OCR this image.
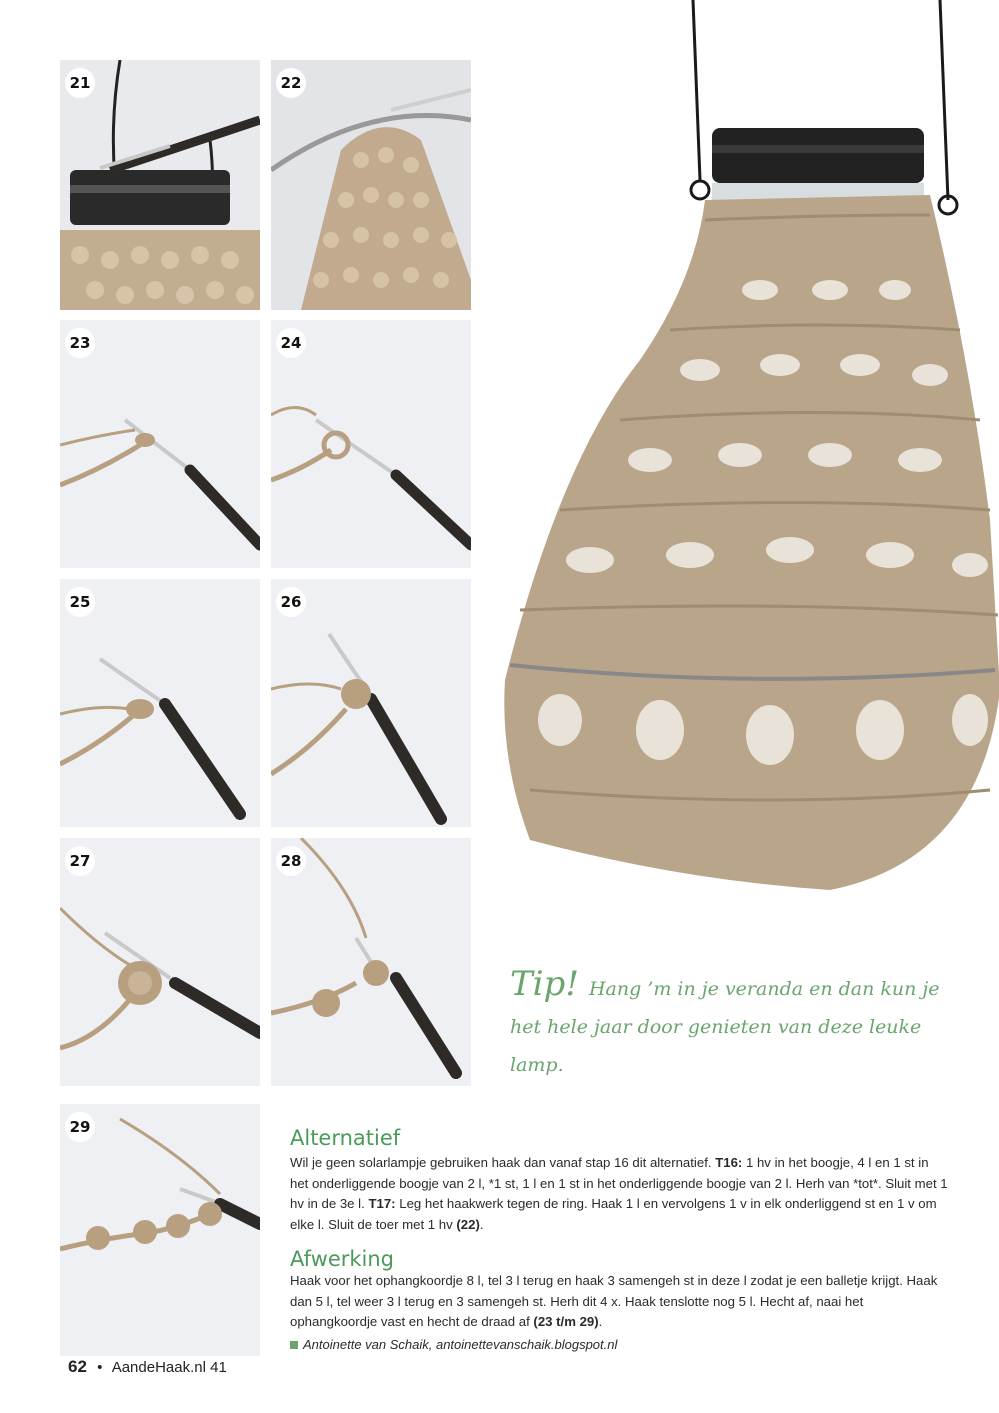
21	22
23	24
25	26
27	28
29
Tip! Hang ’m in je veranda en dan kun je het hele jaar door genieten van deze leuke lamp.
Alternatief
Wil je geen solarlampje gebruiken haak dan vanaf stap 16 dit alternatief. T16: 1 hv in het boogje, 4 l en 1 st in het onderliggende boogje van 2 l, *1 st, 1 l en 1 st in het onderliggende boogje van 2 l. Herh van *tot*. Sluit met 1 hv in de 3e l. T17: Leg het haakwerk tegen de ring. Haak 1 l en vervolgens 1 v in elk onderliggend st en 1 v om elke l. Sluit de toer met 1 hv (22).
Afwerking
Haak voor het ophangkoordje 8 l, tel 3 l terug en haak 3 samengeh st in deze l zodat je een balletje krijgt. Haak dan 5 l, tel weer 3 l terug en 3 samengeh st. Herh dit 4 x. Haak tenslotte nog 5 l. Hecht af, naai het ophangkoordje vast en hecht de draad af (23 t/m 29).
Antoinette van Schaik, antoinettevanschaik.blogspot.nl
62 • AandeHaak.nl 41
